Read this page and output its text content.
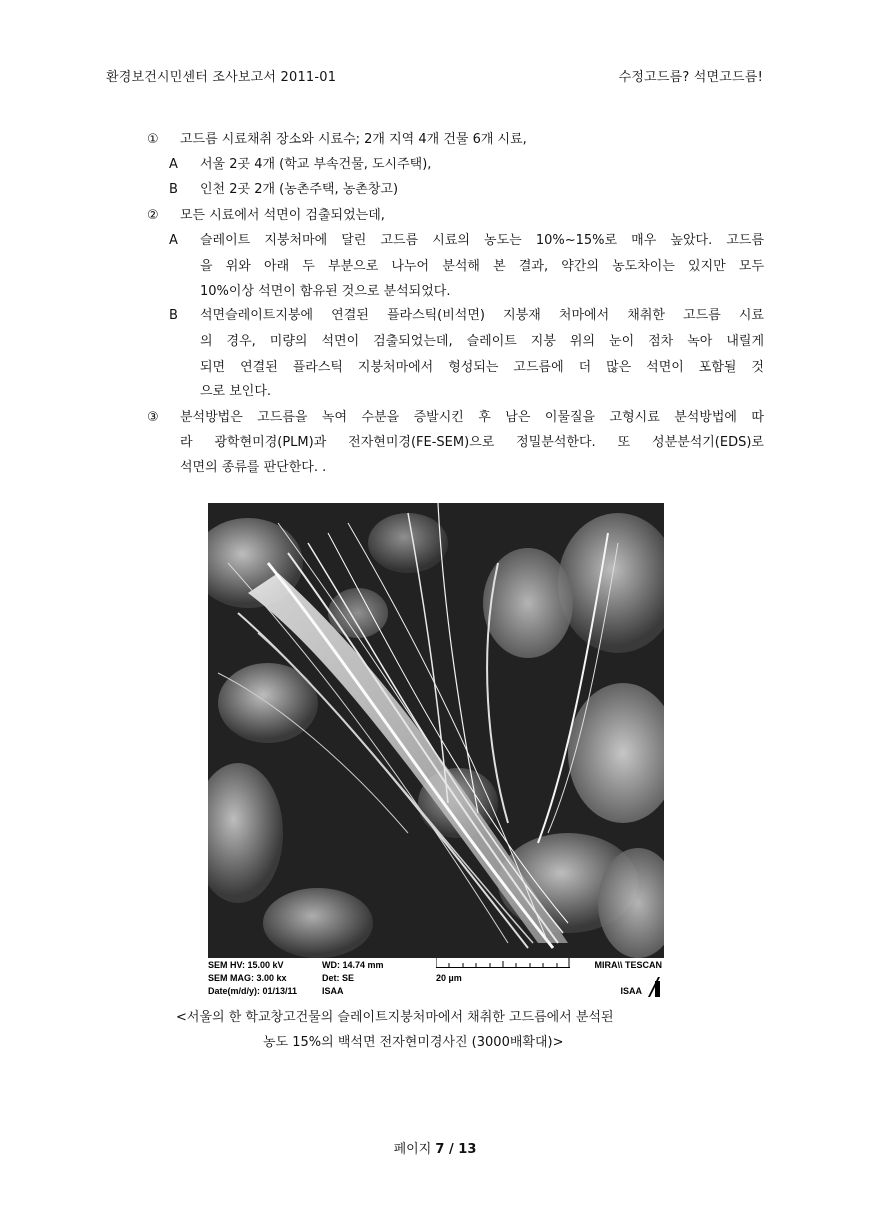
환경보건시민센터 조사보고서 2011-01	수정고드름? 석면고드름!
① 고드름 시료채취 장소와 시료수; 2개 지역 4개 건물 6개 시료,
A 서울 2곳 4개 (학교 부속건물, 도시주택),
B 인천 2곳 2개 (농촌주택, 농촌창고)
② 모든 시료에서 석면이 검출되었는데,
A 슬레이트 지붕처마에 달린 고드름 시료의 농도는 10%~15%로 매우 높았다. 고드름
을 위와 아래 두 부분으로 나누어 분석해 본 결과, 약간의 농도차이는 있지만 모두
10%이상 석면이 함유된 것으로 분석되었다.
B 석면슬레이트지붕에 연결된 플라스틱(비석면) 지붕재 처마에서 채취한 고드름 시료
의 경우, 미량의 석면이 검출되었는데, 슬레이트 지붕 위의 눈이 점차 녹아 내릴게
되면 연결된 플라스틱 지붕처마에서 형성되는 고드름에 더 많은 석면이 포함될 것
으로 보인다.
③ 분석방법은 고드름을 녹여 수분을 증발시킨 후 남은 이물질을 고형시료 분석방법에 따
라 광학현미경(PLM)과 전자현미경(FE-SEM)으로 정밀분석한다. 또 성분분석기(EDS)로
석면의 종류를 판단한다. .
SEM HV: 15.00 kV	WD: 14.74 mm	MIRA\\ TESCAN
SEM MAG: 3.00 kx	Det: SE	20 µm
Date(m/d/y): 01/13/11	ISAA	ISAA
<서울의 한 학교창고건물의 슬레이트지붕처마에서 채취한 고드름에서 분석된
농도 15%의 백석면 전자현미경사진 (3000배확대)>
페이지 7 / 13
